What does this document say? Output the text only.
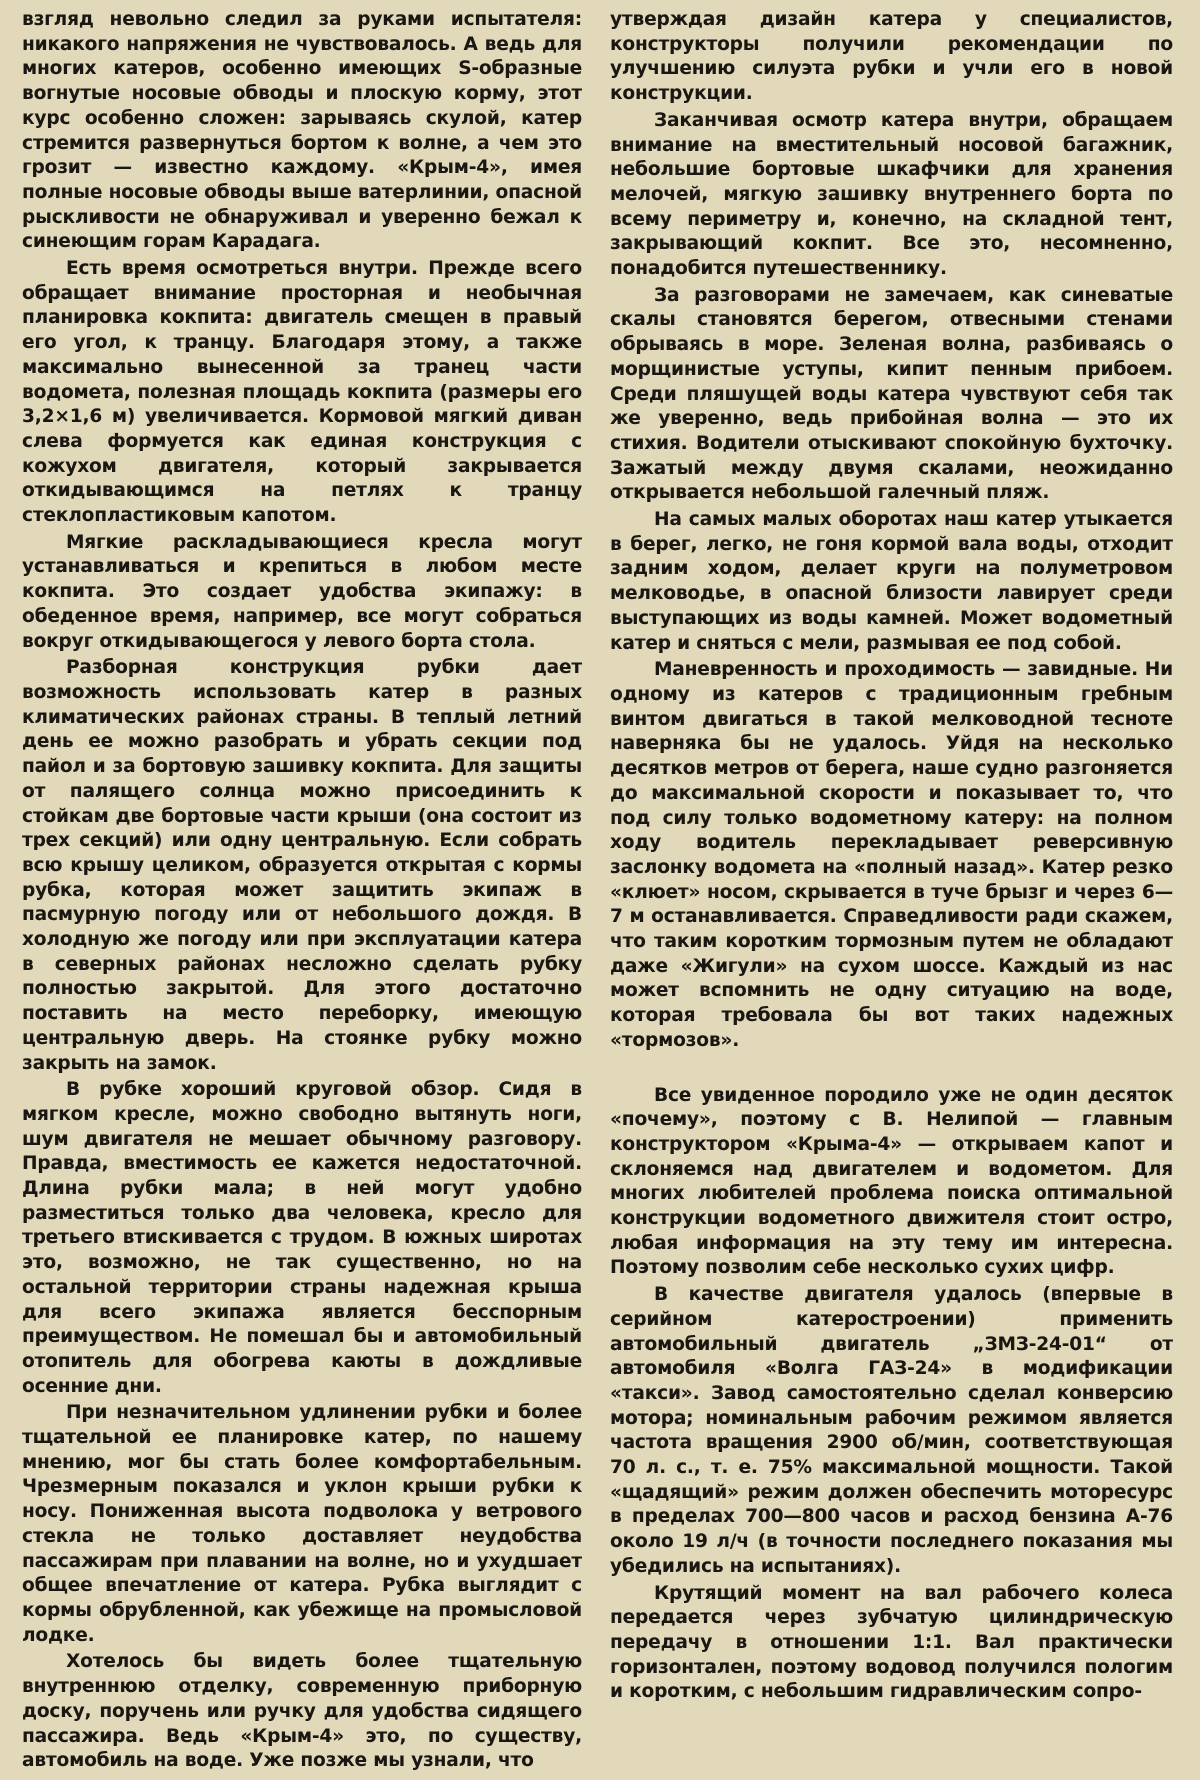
взгляд невольно следил за руками испытателя: никакого напряжения не чувствовалось. А ведь для многих катеров, особенно имеющих S-образные вогнутые носовые обводы и плоскую корму, этот курс особенно сложен: зарываясь скулой, катер стремится развернуться бортом к волне, а чем это грозит — известно каждому. «Крым-4», имея полные носовые обводы выше ватерлинии, опасной рыскливости не обнаруживал и уверенно бежал к синеющим горам Карадага.

Есть время осмотреться внутри. Прежде всего обращает внимание просторная и необычная планировка кокпита: двигатель смещен в правый его угол, к транцу. Благодаря этому, а также максимально вынесенной за транец части водомета, полезная площадь кокпита (размеры его 3,2×1,6 м) увеличивается. Кормовой мягкий диван слева формуется как единая конструкция с кожухом двигателя, который закрывается откидывающимся на петлях к транцу стеклопластиковым капотом.

Мягкие раскладывающиеся кресла могут устанавливаться и крепиться в любом месте кокпита. Это создает удобства экипажу: в обеденное время, например, все могут собраться вокруг откидывающегося у левого борта стола.

Разборная конструкция рубки дает возможность использовать катер в разных климатических районах страны. В теплый летний день ее можно разобрать и убрать секции под пайол и за бортовую зашивку кокпита. Для защиты от палящего солнца можно присоединить к стойкам две бортовые части крыши (она состоит из трех секций) или одну центральную. Если собрать всю крышу целиком, образуется открытая с кормы рубка, которая может защитить экипаж в пасмурную погоду или от небольшого дождя. В холодную же погоду или при эксплуатации катера в северных районах несложно сделать рубку полностью закрытой. Для этого достаточно поставить на место переборку, имеющую центральную дверь. На стоянке рубку можно закрыть на замок.

В рубке хороший круговой обзор. Сидя в мягком кресле, можно свободно вытянуть ноги, шум двигателя не мешает обычному разговору. Правда, вместимость ее кажется недостаточной. Длина рубки мала; в ней могут удобно разместиться только два человека, кресло для третьего втискивается с трудом. В южных широтах это, возможно, не так существенно, но на остальной территории страны надежная крыша для всего экипажа является бесспорным преимуществом. Не помешал бы и автомобильный отопитель для обогрева каюты в дождливые осенние дни.

При незначительном удлинении рубки и более тщательной ее планировке катер, по нашему мнению, мог бы стать более комфортабельным. Чрезмерным показался и уклон крыши рубки к носу. Пониженная высота подволока у ветрового стекла не только доставляет неудобства пассажирам при плавании на волне, но и ухудшает общее впечатление от катера. Рубка выглядит с кормы обрубленной, как убежище на промысловой лодке.

Хотелось бы видеть более тщательную внутреннюю отделку, современную приборную доску, поручень или ручку для удобства сидящего пассажира. Ведь «Крым-4» это, по существу, автомобиль на воде. Уже позже мы узнали, что

утверждая дизайн катера у специалистов, конструкторы получили рекомендации по улучшению силуэта рубки и учли его в новой конструкции.

Заканчивая осмотр катера внутри, обращаем внимание на вместительный носовой багажник, небольшие бортовые шкафчики для хранения мелочей, мягкую зашивку внутреннего борта по всему периметру и, конечно, на складной тент, закрывающий кокпит. Все это, несомненно, понадобится путешественнику.

За разговорами не замечаем, как синеватые скалы становятся берегом, отвесными стенами обрываясь в море. Зеленая волна, разбиваясь о морщинистые уступы, кипит пенным прибоем. Среди пляшущей воды катера чувствуют себя так же уверенно, ведь прибойная волна — это их стихия. Водители отыскивают спокойную бухточку. Зажатый между двумя скалами, неожиданно открывается небольшой галечный пляж.

На самых малых оборотах наш катер утыкается в берег, легко, не гоня кормой вала воды, отходит задним ходом, делает круги на полуметровом мелководье, в опасной близости лавирует среди выступающих из воды камней. Может водометный катер и сняться с мели, размывая ее под собой.

Маневренность и проходимость — завидные. Ни одному из катеров с традиционным гребным винтом двигаться в такой мелководной тесноте наверняка бы не удалось. Уйдя на несколько десятков метров от берега, наше судно разгоняется до максимальной скорости и показывает то, что под силу только водометному катеру: на полном ходу водитель перекладывает реверсивную заслонку водомета на «полный назад». Катер резко «клюет» носом, скрывается в туче брызг и через 6—7 м останавливается. Справедливости ради скажем, что таким коротким тормозным путем не обладают даже «Жигули» на сухом шоссе. Каждый из нас может вспомнить не одну ситуацию на воде, которая требовала бы вот таких надежных «тормозов».

Все увиденное породило уже не один десяток «почему», поэтому с В. Нелипой — главным конструктором «Крыма-4» — открываем капот и склоняемся над двигателем и водометом. Для многих любителей проблема поиска оптимальной конструкции водометного движителя стоит остро, любая информация на эту тему им интересна. Поэтому позволим себе несколько сухих цифр.

В качестве двигателя удалось (впервые в серийном катеростроении) применить автомобильный двигатель „ЗМЗ-24-01“ от автомобиля «Волга ГАЗ-24» в модификации «такси». Завод самостоятельно сделал конверсию мотора; номинальным рабочим режимом является частота вращения 2900 об/мин, соответствующая 70 л. с., т. е. 75% максимальной мощности. Такой «щадящий» режим должен обеспечить моторесурс в пределах 700—800 часов и расход бензина А-76 около 19 л/ч (в точности последнего показания мы убедились на испытаниях).

Крутящий момент на вал рабочего колеса передается через зубчатую цилиндрическую передачу в отношении 1:1. Вал практически горизонтален, поэтому водовод получился пологим и коротким, с небольшим гидравлическим сопро-
